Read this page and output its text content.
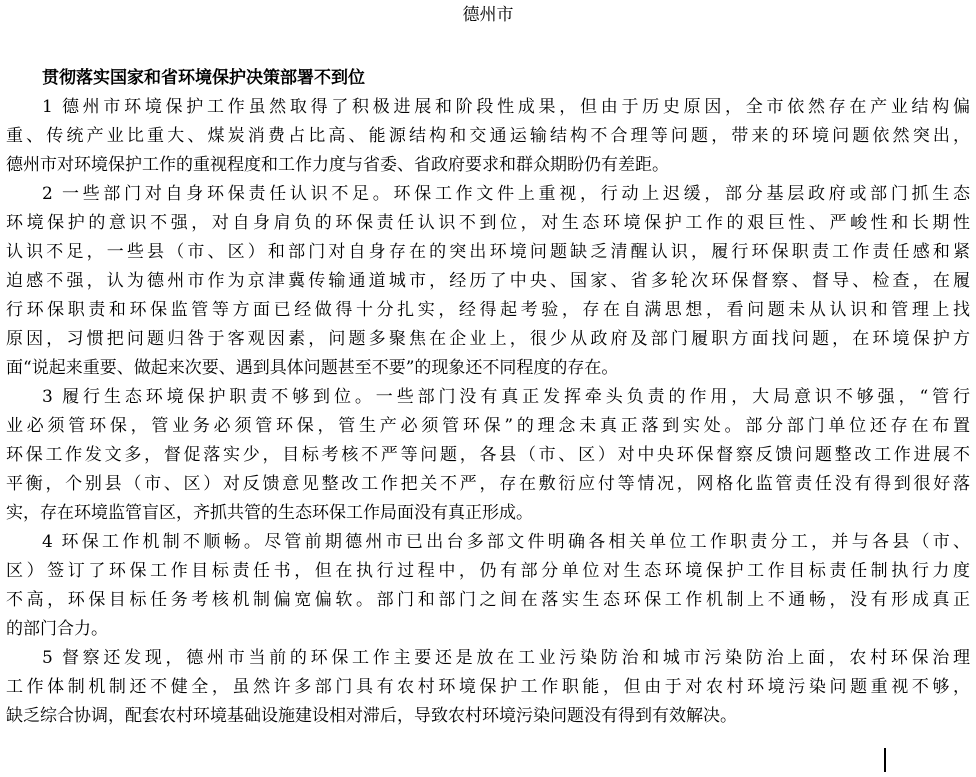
德州市
贯彻落实国家和省环境保护决策部署不到位
1 德州市环境保护工作虽然取得了积极进展和阶段性成果，但由于历史原因，全市依然存在产业结构偏
重、传统产业比重大、煤炭消费占比高、能源结构和交通运输结构不合理等问题，带来的环境问题依然突出，
德州市对环境保护工作的重视程度和工作力度与省委、省政府要求和群众期盼仍有差距。
2 一些部门对自身环保责任认识不足。环保工作文件上重视，行动上迟缓，部分基层政府或部门抓生态
环境保护的意识不强，对自身肩负的环保责任认识不到位，对生态环境保护工作的艰巨性、严峻性和长期性
认识不足，一些县（市、区）和部门对自身存在的突出环境问题缺乏清醒认识，履行环保职责工作责任感和紧
迫感不强，认为德州市作为京津冀传输通道城市，经历了中央、国家、省多轮次环保督察、督导、检查，在履
行环保职责和环保监管等方面已经做得十分扎实，经得起考验，存在自满思想，看问题未从认识和管理上找
原因，习惯把问题归咎于客观因素，问题多聚焦在企业上，很少从政府及部门履职方面找问题，在环境保护方
面“说起来重要、做起来次要、遇到具体问题甚至不要”的现象还不同程度的存在。
3 履行生态环境保护职责不够到位。一些部门没有真正发挥牵头负责的作用，大局意识不够强，“管行
业必须管环保，管业务必须管环保，管生产必须管环保”的理念未真正落到实处。部分部门单位还存在布置
环保工作发文多，督促落实少，目标考核不严等问题，各县（市、区）对中央环保督察反馈问题整改工作进展不
平衡，个别县（市、区）对反馈意见整改工作把关不严，存在敷衍应付等情况，网格化监管责任没有得到很好落
实，存在环境监管盲区，齐抓共管的生态环保工作局面没有真正形成。
4 环保工作机制不顺畅。尽管前期德州市已出台多部文件明确各相关单位工作职责分工，并与各县（市、
区）签订了环保工作目标责任书，但在执行过程中，仍有部分单位对生态环境保护工作目标责任制执行力度
不高，环保目标任务考核机制偏宽偏软。部门和部门之间在落实生态环保工作机制上不通畅，没有形成真正
的部门合力。
5 督察还发现，德州市当前的环保工作主要还是放在工业污染防治和城市污染防治上面，农村环保治理
工作体制机制还不健全，虽然许多部门具有农村环境保护工作职能，但由于对农村环境污染问题重视不够，
缺乏综合协调，配套农村环境基础设施建设相对滞后，导致农村环境污染问题没有得到有效解决。
